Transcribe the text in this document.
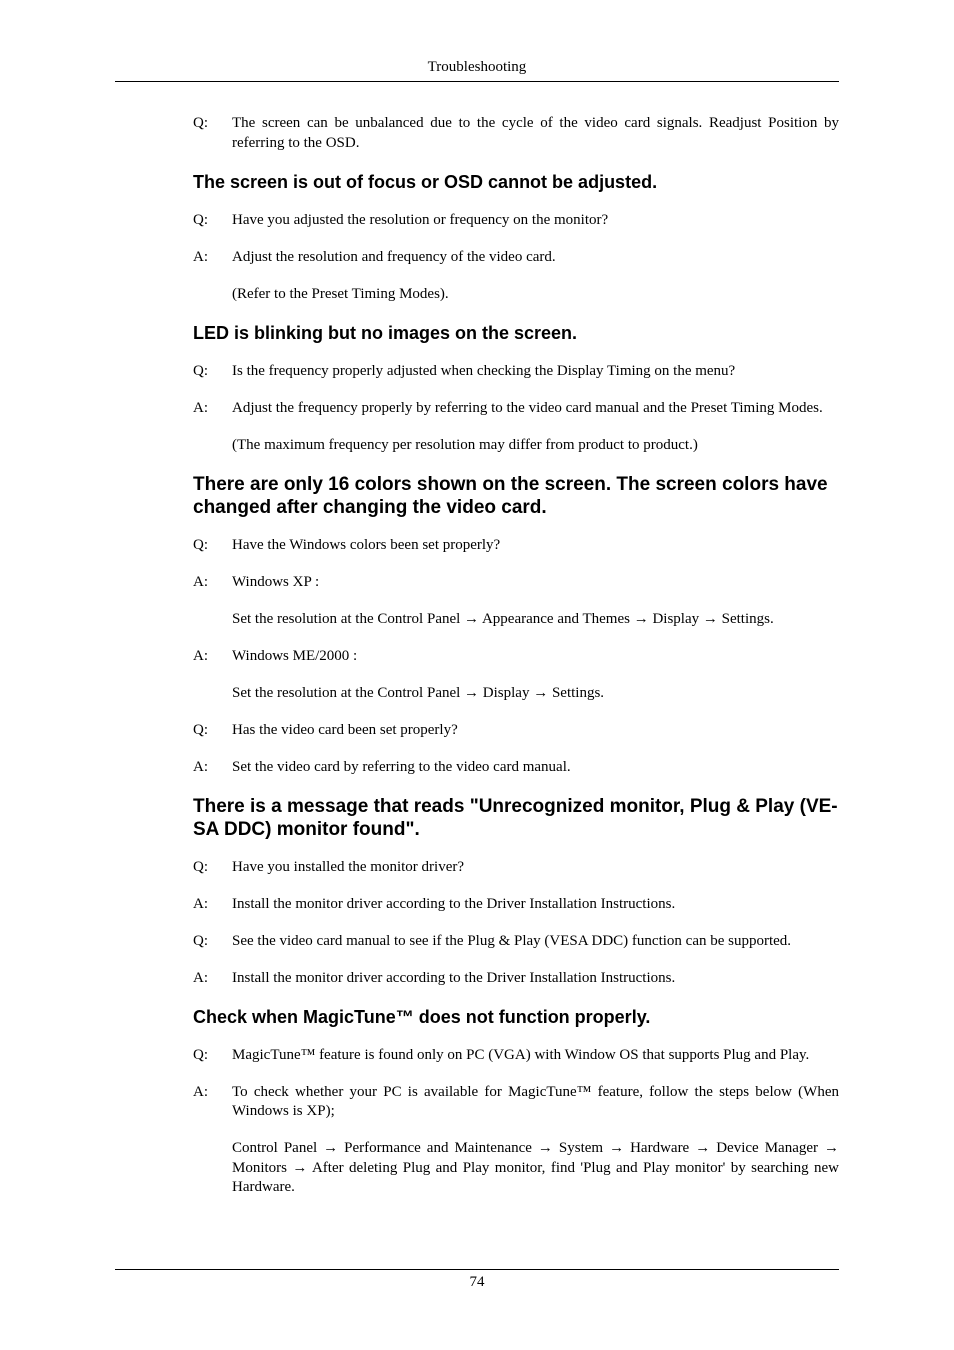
Troubleshooting
Q:	The screen can be unbalanced due to the cycle of the video card signals. Readjust Position by referring to the OSD.
The screen is out of focus or OSD cannot be adjusted.
Q:	Have you adjusted the resolution or frequency on the monitor?
A:	Adjust the resolution and frequency of the video card.
(Refer to the Preset Timing Modes).
LED is blinking but no images on the screen.
Q:	Is the frequency properly adjusted when checking the Display Timing on the menu?
A:	Adjust the frequency properly by referring to the video card manual and the Preset Timing Modes.
(The maximum frequency per resolution may differ from product to product.)
There are only 16 colors shown on the screen. The screen colors have changed after changing the video card.
Q:	Have the Windows colors been set properly?
A:	Windows XP :
Set the resolution at the Control Panel → Appearance and Themes → Display → Settings.
A:	Windows ME/2000 :
Set the resolution at the Control Panel → Display → Settings.
Q:	Has the video card been set properly?
A:	Set the video card by referring to the video card manual.
There is a message that reads "Unrecognized monitor, Plug & Play (VE-SA DDC) monitor found".
Q:	Have you installed the monitor driver?
A:	Install the monitor driver according to the Driver Installation Instructions.
Q:	See the video card manual to see if the Plug & Play (VESA DDC) function can be supported.
A:	Install the monitor driver according to the Driver Installation Instructions.
Check when MagicTune™ does not function properly.
Q:	MagicTune™ feature is found only on PC (VGA) with Window OS that supports Plug and Play.
A:	To check whether your PC is available for MagicTune™ feature, follow the steps below (When Windows is XP);
Control Panel → Performance and Maintenance → System → Hardware → Device Manager → Monitors → After deleting Plug and Play monitor, find 'Plug and Play monitor' by searching new Hardware.
74
